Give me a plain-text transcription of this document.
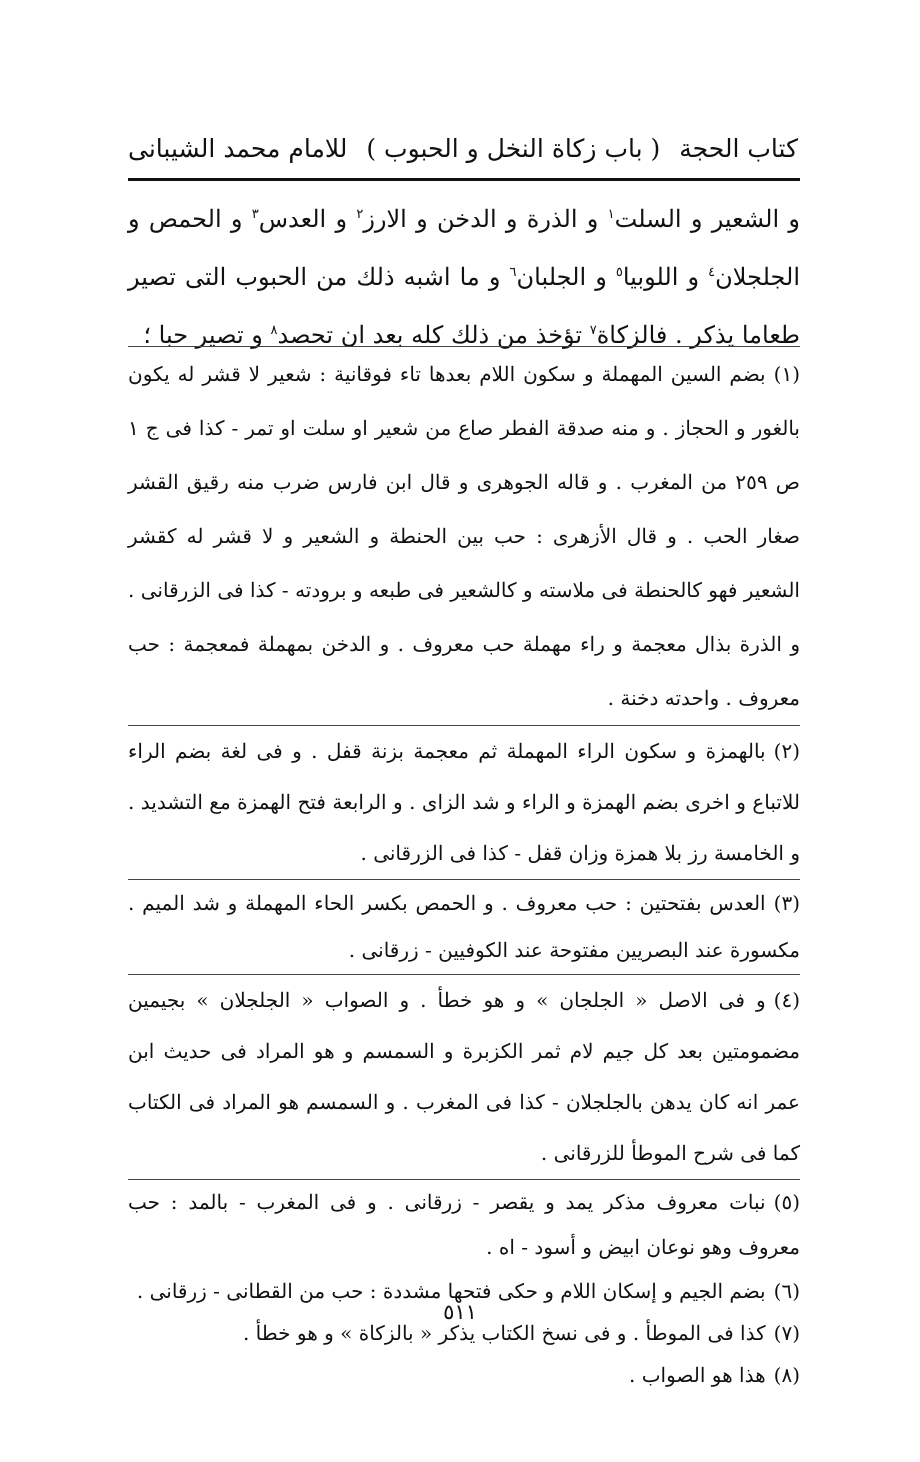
كتاب الحجة
( باب زكاة النخل و الحبوب )
للامام محمد الشيبانى

و الشعير و السلت$^١$ و الذرة و الدخن و الارز$^٢$ و العدس$^٣$ و الحمص و الجلجلان$^٤$ و اللوبيا$^٥$ و الجلبان$^٦$ و ما اشبه ذلك من الحبوب التى تصير طعاما يذكر . فالزكاة$^٧$ تؤخذ من ذلك كله بعد ان تحصد$^٨$ و تصير حبا ؛

(١)بضم السين المهملة و سكون اللام بعدها تاء فوقانية : شعير لا قشر له يكون بالغور و الحجاز . و منه صدقة الفطر صاع من شعير او سلت او تمر - كذا فى ج ١ ص ٢٥٩ من المغرب . و قاله الجوهرى و قال ابن فارس ضرب منه رقيق القشر صغار الحب . و قال الأزهرى : حب بين الحنطة و الشعير و لا قشر له كقشر الشعير فهو كالحنطة فى ملاسته و كالشعير فى طبعه و برودته - كذا فى الزرقانى . و الذرة بذال معجمة و راء مهملة حب معروف . و الدخن بمهملة فمعجمة : حب معروف . واحدته دخنة .

(٢)بالهمزة و سكون الراء المهملة ثم معجمة بزنة قفل . و فى لغة بضم الراء للاتباع و اخرى بضم الهمزة و الراء و شد الزاى . و الرابعة فتح الهمزة مع التشديد . و الخامسة رز بلا همزة وزان قفل - كذا فى الزرقانى .

(٣)العدس بفتحتين : حب معروف . و الحمص بكسر الحاء المهملة و شد الميم . مكسورة عند البصريين مفتوحة عند الكوفيين - زرقانى .

(٤)و فى الاصل « الجلجان » و هو خطأ . و الصواب « الجلجلان » بجيمين مضمومتين بعد كل جيم لام ثمر الكزبرة و السمسم و هو المراد فى حديث ابن عمر انه كان يدهن بالجلجلان - كذا فى المغرب . و السمسم هو المراد فى الكتاب كما فى شرح الموطأ للزرقانى .

(٥)نبات معروف مذكر يمد و يقصر - زرقانى . و فى المغرب - بالمد : حب معروف وهو نوعان ابيض و أسود - اه .

(٦)بضم الجيم و إسكان اللام و حكى فتحها مشددة : حب من القطانى - زرقانى .

(٧)كذا فى الموطأ . و فى نسخ الكتاب يذكر « بالزكاة » و هو خطأ .

(٨)هذا هو الصواب .

٥١١
